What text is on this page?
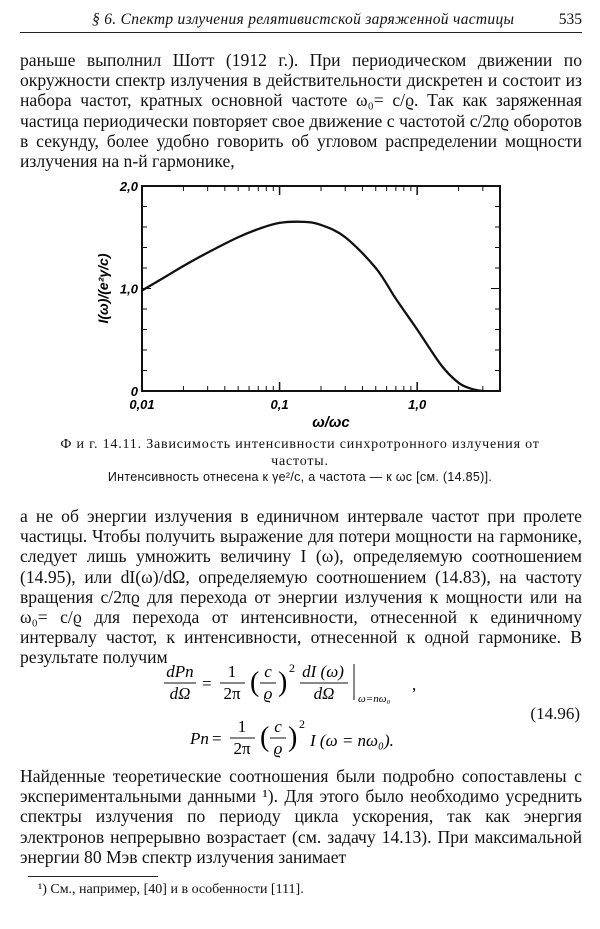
§ 6. Спектр излучения релятивистской заряженной частицы	535

раньше выполнил Шотт (1912 г.). При периодическом движении по окружности спектр излучения в действительности дискретен и состоит из набора частот, кратных основной частоте ω₀= c/ϱ. Так как заряженная частица периодически повторяет свое движение с частотой c/2πϱ оборотов в секунду, более удобно говорить об угловом распределении мощности излучения на n-й гармонике,

0,01	0,1	1,0
0
1,0
2,0
ω/ωc
I(ω)/(e²γ/c)
Ф и г. 14.11. Зависимость интенсивности синхротронного излучения от частоты.
Интенсивность отнесена к γe²/c, а частота — к ωc [см. (14.85)].

а не об энергии излучения в единичном интервале частот при пролете частицы. Чтобы получить выражение для потери мощности на гармонике, следует лишь умножить величину I (ω), определяемую соотношением (14.95), или dI(ω)/dΩ, определяемую соотношением (14.83), на частоту вращения c/2πϱ для перехода от энергии излучения к мощности или на ω₀= c/ϱ для перехода от интенсивности, отнесенной к единичному интервалу частот, к интенсивности, отнесенной к одной гармонике. В результате получим

dPn
dΩ
=
1
2π ( c
ϱ ) 2 dI (ω)
dΩ ω=nω₀
,
Pn =
1
2π ( c
ϱ ) 2
I (ω = nω₀).
(14.96)

Найденные теоретические соотношения были подробно сопоставлены с экспериментальными данными ¹). Для этого было необходимо усреднить спектры излучения по периоду цикла ускорения, так как энергия электронов непрерывно возрастает (см. задачу 14.13). При максимальной энергии 80 Мэв спектр излучения занимает

¹) См., например, [40] и в особенности [111].
